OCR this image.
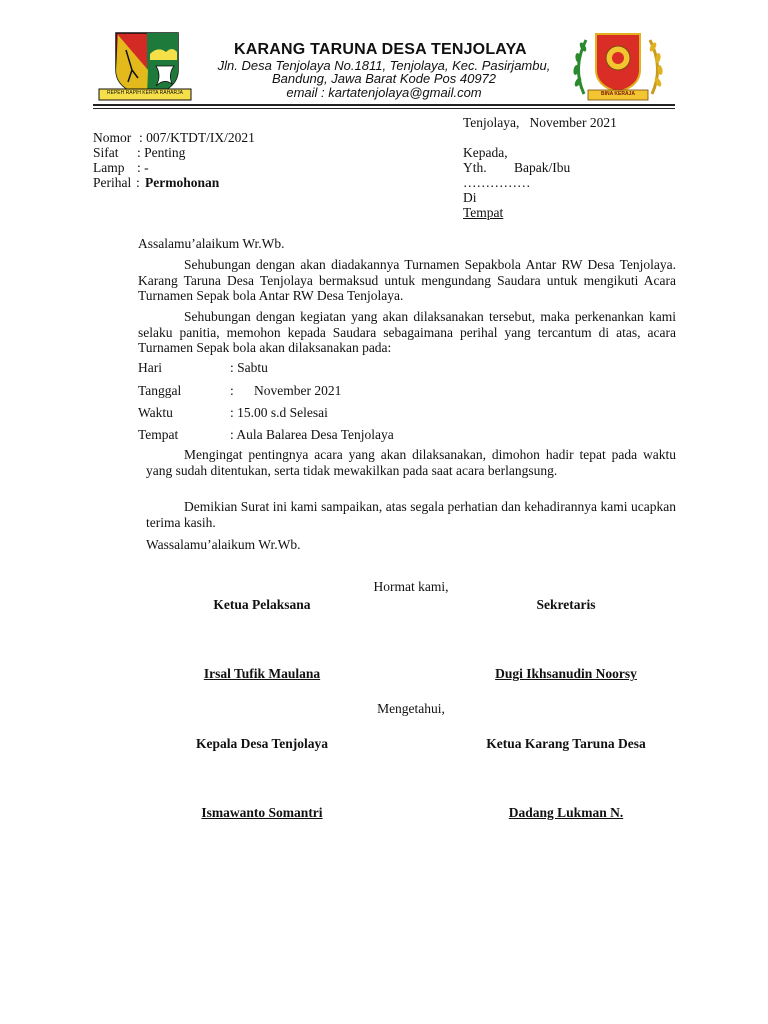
REPEH RAPIH KERTA RAHARJA	BINA KERAJA
KARANG TARUNA DESA TENJOLAYA
Jln. Desa Tenjolaya No.1811, Tenjolaya, Kec. Pasirjambu,
Bandung, Jawa Barat Kode Pos 40972
email : kartatenjolaya@gmail.com
Tenjolaya,   November 2021
Nomor : 007/KTDT/IX/2021
Sifat : Penting
Lamp : -
Perihal : Permohonan
Kepada,
Yth. Bapak/Ibu
……………
Di
Tempat
Assalamu’alaikum Wr.Wb.
Sehubungan dengan akan diadakannya Turnamen Sepakbola Antar RW Desa Tenjolaya. Karang Taruna Desa Tenjolaya bermaksud untuk mengundang Saudara untuk mengikuti Acara Turnamen Sepak bola Antar RW Desa Tenjolaya.
Sehubungan dengan kegiatan yang akan dilaksanakan tersebut, maka perkenankan kami selaku panitia, memohon kepada Saudara sebagaimana perihal yang tercantum di atas, acara Turnamen Sepak bola akan dilaksanakan pada:
Hari	: Sabtu
Tanggal	:      November 2021
Waktu	: 15.00 s.d Selesai
Tempat	: Aula Balarea Desa Tenjolaya
Mengingat pentingnya acara yang akan dilaksanakan, dimohon hadir tepat pada waktu yang sudah ditentukan, serta tidak mewakilkan pada saat acara berlangsung.
Demikian Surat ini kami sampaikan, atas segala perhatian dan kehadirannya kami ucapkan terima kasih.
Wassalamu’alaikum Wr.Wb.
Hormat kami,
Ketua Pelaksana	Sekretaris
Irsal Tufik Maulana	Dugi Ikhsanudin Noorsy
Mengetahui,
Kepala Desa Tenjolaya	Ketua Karang Taruna Desa
Ismawanto Somantri	Dadang Lukman N.
